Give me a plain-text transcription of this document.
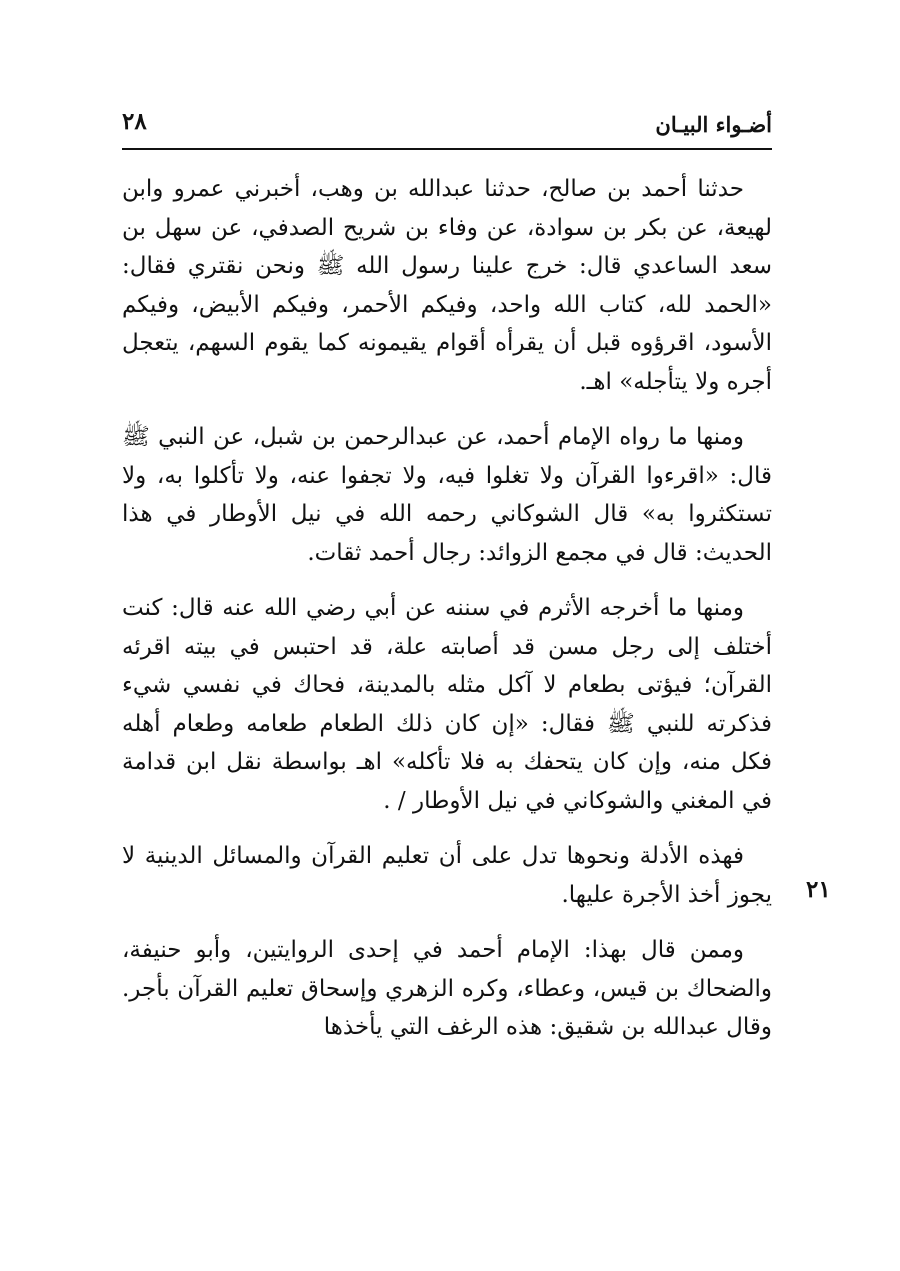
أضـواء البيـان
٢٨

حدثنا أحمد بن صالح، حدثنا عبدالله بن وهب، أخبرني عمرو وابن لهيعة، عن بكر بن سوادة، عن وفاء بن شريح الصدفي، عن سهل بن سعد الساعدي قال: خرج علينا رسول الله ﷺ ونحن نقتري فقال: «الحمد لله، كتاب الله واحد، وفيكم الأحمر، وفيكم الأبيض، وفيكم الأسود، اقرؤوه قبل أن يقرأه أقوام يقيمونه كما يقوم السهم، يتعجل أجره ولا يتأجله» اهـ.

ومنها ما رواه الإمام أحمد، عن عبدالرحمن بن شبل، عن النبي ﷺ قال: «اقرءوا القرآن ولا تغلوا فيه، ولا تجفوا عنه، ولا تأكلوا به، ولا تستكثروا به» قال الشوكاني رحمه الله في نيل الأوطار في هذا الحديث: قال في مجمع الزوائد: رجال أحمد ثقات.

ومنها ما أخرجه الأثرم في سننه عن أبي رضي الله عنه قال: كنت أختلف إلى رجل مسن قد أصابته علة، قد احتبس في بيته اقرئه القرآن؛ فيؤتى بطعام لا آكل مثله بالمدينة، فحاك في نفسي شيء فذكرته للنبي ﷺ فقال: «إن كان ذلك الطعام طعامه وطعام أهله فكل منه، وإن كان يتحفك به فلا تأكله» اهـ بواسطة نقل ابن قدامة في المغني والشوكاني في نيل الأوطار / .

فهذه الأدلة ونحوها تدل على أن تعليم القرآن والمسائل الدينية لا يجوز أخذ الأجرة عليها.

وممن قال بهذا: الإمام أحمد في إحدى الروايتين، وأبو حنيفة، والضحاك بن قيس، وعطاء، وكره الزهري وإسحاق تعليم القرآن بأجر. وقال عبدالله بن شقيق: هذه الرغف التي يأخذها

٢١
